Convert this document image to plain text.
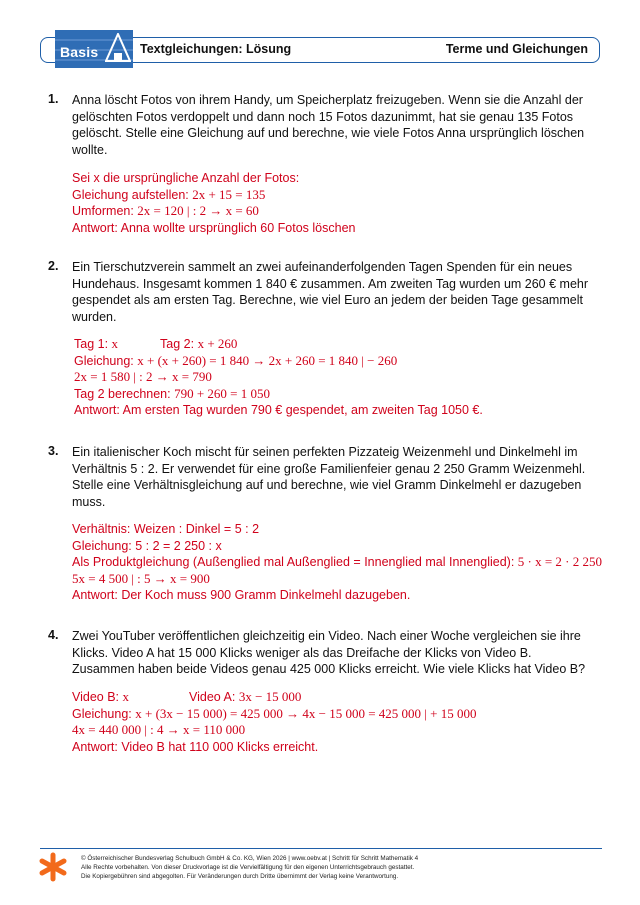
Basis	Textgleichungen: Lösung	Terme und Gleichungen
1. Anna löscht Fotos von ihrem Handy, um Speicherplatz freizugeben. Wenn sie die Anzahl der gelöschten Fotos verdoppelt und dann noch 15 Fotos dazunimmt, hat sie genau 135 Fotos gelöscht. Stelle eine Gleichung auf und berechne, wie viele Fotos Anna ursprünglich löschen wollte.
Sei x die ursprüngliche Anzahl der Fotos:
Gleichung aufstellen: 2x + 15 = 135
Umformen: 2x = 120 | : 2 → x = 60
Antwort: Anna wollte ursprünglich 60 Fotos löschen
2. Ein Tierschutzverein sammelt an zwei aufeinanderfolgenden Tagen Spenden für ein neues Hundehaus. Insgesamt kommen 1 840 € zusammen. Am zweiten Tag wurden um 260 € mehr gespendet als am ersten Tag. Berechne, wie viel Euro an jedem der beiden Tage gesammelt wurden.
Tag 1: x	Tag 2: x + 260
Gleichung: x + (x + 260) = 1 840 → 2x + 260 = 1 840 | − 260
2x = 1 580 | : 2 → x = 790
Tag 2 berechnen: 790 + 260 = 1 050
Antwort: Am ersten Tag wurden 790 € gespendet, am zweiten Tag 1050 €.
3. Ein italienischer Koch mischt für seinen perfekten Pizzateig Weizenmehl und Dinkelmehl im Verhältnis 5 : 2. Er verwendet für eine große Familienfeier genau 2 250 Gramm Weizenmehl. Stelle eine Verhältnisgleichung auf und berechne, wie viel Gramm Dinkelmehl er dazugeben muss.
Verhältnis: Weizen : Dinkel = 5 : 2
Gleichung: 5 : 2 = 2 250 : x
Als Produktgleichung (Außenglied mal Außenglied = Innenglied mal Innenglied): 5 · x = 2 · 2 250
5x = 4 500 | : 5 → x = 900
Antwort: Der Koch muss 900 Gramm Dinkelmehl dazugeben.
4. Zwei YouTuber veröffentlichen gleichzeitig ein Video. Nach einer Woche vergleichen sie ihre Klicks. Video A hat 15 000 Klicks weniger als das Dreifache der Klicks von Video B. Zusammen haben beide Videos genau 425 000 Klicks erreicht. Wie viele Klicks hat Video B?
Video B: x	Video A: 3x − 15 000
Gleichung: x + (3x − 15 000) = 425 000 → 4x − 15 000 = 425 000 | + 15 000
4x = 440 000 | : 4 → x = 110 000
Antwort: Video B hat 110 000 Klicks erreicht.
© Österreichischer Bundesverlag Schulbuch GmbH & Co. KG, Wien 2026 | www.oebv.at | Schritt für Schritt Mathematik 4
Alle Rechte vorbehalten. Von dieser Druckvorlage ist die Vervielfältigung für den eigenen Unterrichtsgebrauch gestattet.
Die Kopiergebühren sind abgegolten. Für Veränderungen durch Dritte übernimmt der Verlag keine Verantwortung.
